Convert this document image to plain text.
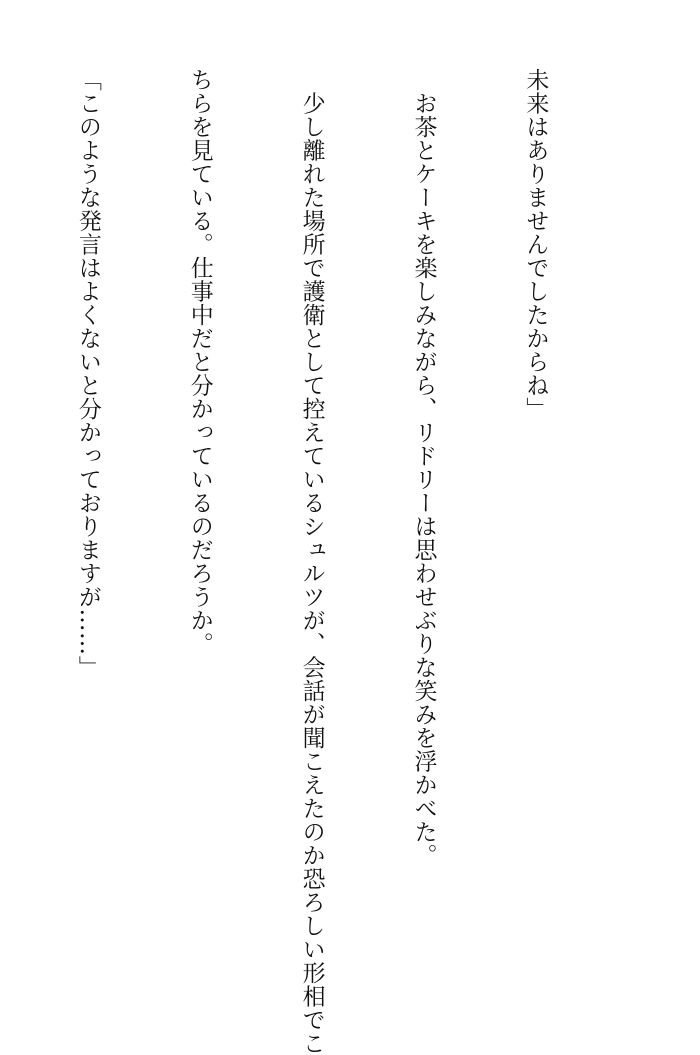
未来はありませんでしたからね」

　お茶とケーキを楽しみながら、リドリーは思わせぶりな笑みを浮かべた。

　少し離れた場所で護衛として控えているシュルツが、会話が聞こえたのか恐ろしい形相でこ

ちらを見ている。仕事中だと分かっているのだろうか。

「このような発言はよくないと分かっておりますが……」
